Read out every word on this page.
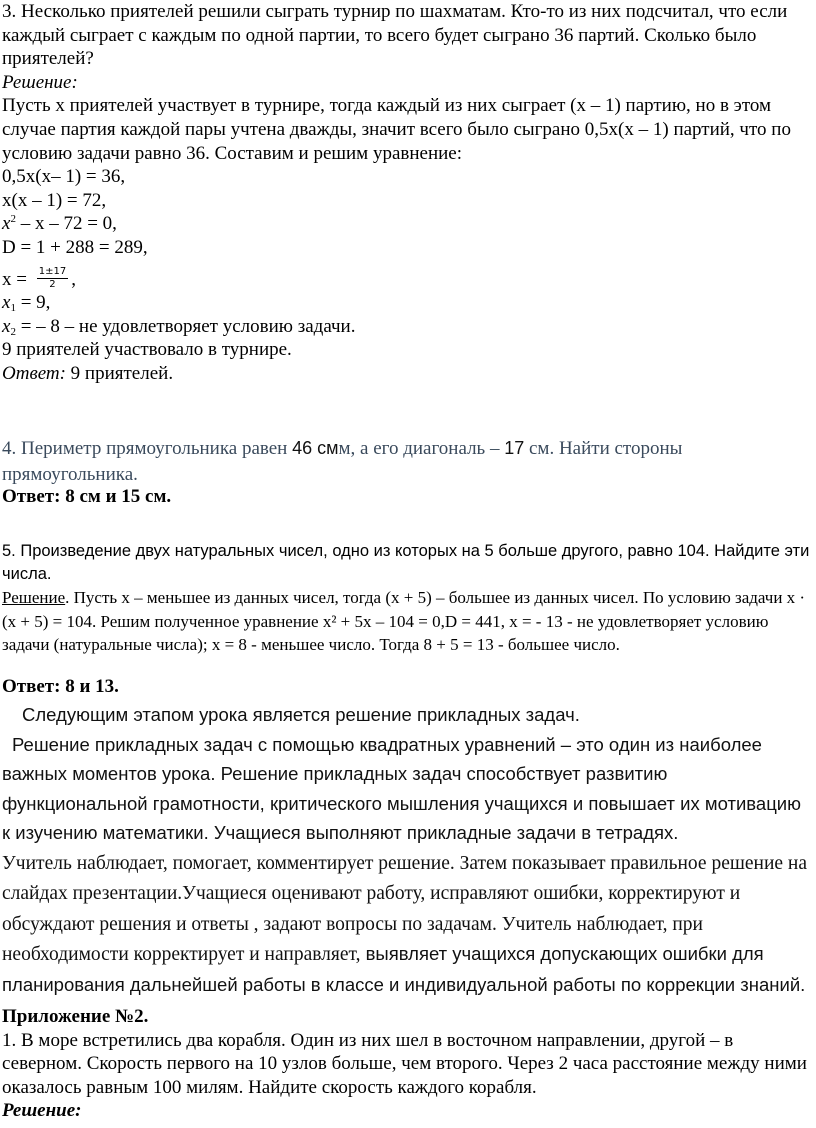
3. Несколько приятелей решили сыграть турнир по шахматам. Кто-то из них подсчитал, что если каждый сыграет с каждым по одной партии, то всего будет сыграно 36 партий. Сколько было приятелей?

Решение:

Пусть x приятелей участвует в турнире, тогда каждый из них сыграет (x – 1) партию, но в этом случае партия каждой пары учтена дважды, значит всего было сыграно 0,5x(x – 1) партий, что по условию задачи равно 36. Составим и решим уравнение:

0,5x(x– 1) = 36,

x(x – 1) = 72,

$x^2 - x - 72 = 0$,

D = 1 + 288 = 289,

$x = \frac{1\pm 17}{2}$ ,

$x_1 = 9$,

$x_2$ = – 8 – не удовлетворяет условию задачи.

9 приятелей участвовало в турнире.

Ответ: 9 приятелей.

4. Периметр прямоугольника равен 46 смм, а его диагональ – 17 см. Найти стороны прямоугольника.
Ответ: 8 см и 15 см.
5. Произведение двух натуральных чисел, одно из которых на 5 больше другого, равно 104. Найдите эти числа.

Решение. Пусть x – меньшее из данных чисел, тогда (x + 5) – большее из данных чисел. По условию задачи x · (x + 5) = 104. Решим полученное уравнение x² + 5x – 104 = 0,D = 441, x = - 13 - не удовлетворяет условию задачи (натуральные числа); x = 8 - меньшее число. Тогда 8 + 5 = 13 - большее число.

Ответ: 8 и 13.

Следующим этапом урока является решение прикладных задач.

Решение прикладных задач с помощью квадратных уравнений – это один из наиболее важных моментов урока. Решение прикладных задач способствует развитию функциональной грамотности, критического мышления учащихся и повышает их мотивацию к изучению математики. Учащиеся выполняют прикладные задачи в тетрадях.

Учитель наблюдает, помогает, комментирует решение. Затем показывает правильное решение на слайдах презентации.Учащиеся оценивают работу, исправляют ошибки, корректируют и обсуждают решения и ответы , задают вопросы по задачам. Учитель наблюдает, при необходимости корректирует и направляет, выявляет учащихся допускающих ошибки для планирования дальнейшей работы в классе и индивидуальной работы по коррекции знаний.

Приложение №2.

1. В море встретились два корабля. Один из них шел в восточном направлении, другой – в северном. Скорость первого на 10 узлов больше, чем второго. Через 2 часа расстояние между ними оказалось равным 100 милям. Найдите скорость каждого корабля.

Решение:
